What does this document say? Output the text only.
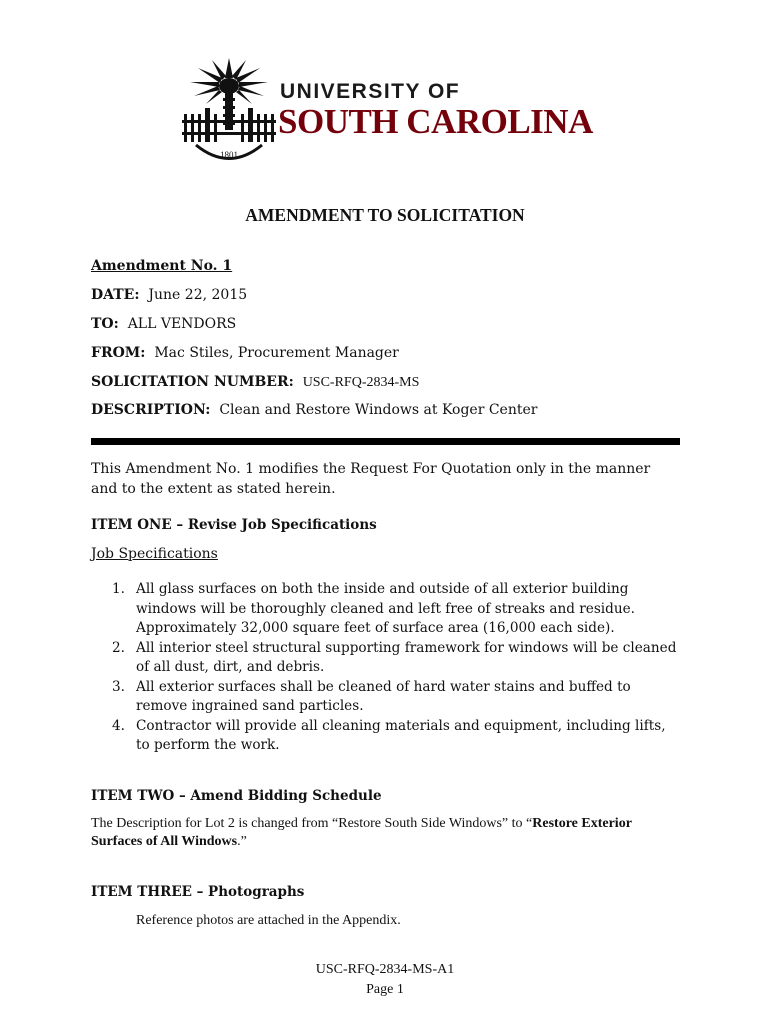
1801
UNIVERSITY OF
SOUTH CAROLINA
AMENDMENT TO SOLICITATION
Amendment No. 1
DATE: June 22, 2015
TO: ALL VENDORS
FROM: Mac Stiles, Procurement Manager
SOLICITATION NUMBER: USC-RFQ-2834-MS
DESCRIPTION: Clean and Restore Windows at Koger Center
This Amendment No. 1 modifies the Request For Quotation only in the manner and to the extent as stated herein.
ITEM ONE – Revise Job Specifications
Job Specifications
1. All glass surfaces on both the inside and outside of all exterior building windows will be thoroughly cleaned and left free of streaks and residue. Approximately 32,000 square feet of surface area (16,000 each side).
2. All interior steel structural supporting framework for windows will be cleaned of all dust, dirt, and debris.
3. All exterior surfaces shall be cleaned of hard water stains and buffed to remove ingrained sand particles.
4. Contractor will provide all cleaning materials and equipment, including lifts, to perform the work.
ITEM TWO – Amend Bidding Schedule
The Description for Lot 2 is changed from “Restore South Side Windows” to “Restore Exterior Surfaces of All Windows.”
ITEM THREE – Photographs
Reference photos are attached in the Appendix.
USC-RFQ-2834-MS-A1
Page 1
